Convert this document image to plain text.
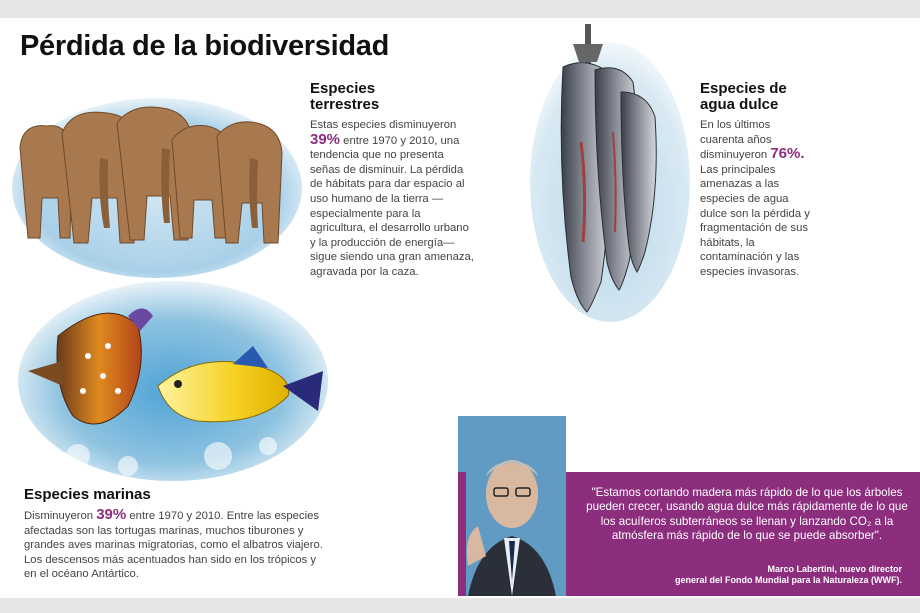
Pérdida de la biodiversidad
Especies terrestres
Estas especies disminuyeron
39% entre 1970 y 2010, una tendencia que no presenta señas de disminuir. La pérdida de hábitats para dar espacio al uso humano de la tierra —especialmente para la agricultura, el desarrollo urbano y la producción de energía— sigue siendo una gran amenaza, agravada por la caza.
Especies de agua dulce
En los últimos cuarenta años disminuyeron 76%. Las principales amenazas a las especies de agua dulce son la pérdida y fragmentación de sus hábitats, la contaminación y las especies invasoras.
Especies marinas
Disminuyeron 39% entre 1970 y 2010. Entre las especies afectadas son las tortugas marinas, muchos tiburones y grandes aves marinas migratorias, como el albatros viajero. Los descensos más acentuados han sido en los trópicos y en el océano Antártico.
"Estamos cortando madera más rápido de lo que los árboles pueden crecer, usando agua dulce más rápidamente de lo que los acuíferos subterráneos se llenan y lanzando CO₂ a la atmósfera más rápido de lo que se puede absorber".
Marco Labertini, nuevo director
general del Fondo Mundial para la Naturaleza (WWF).
